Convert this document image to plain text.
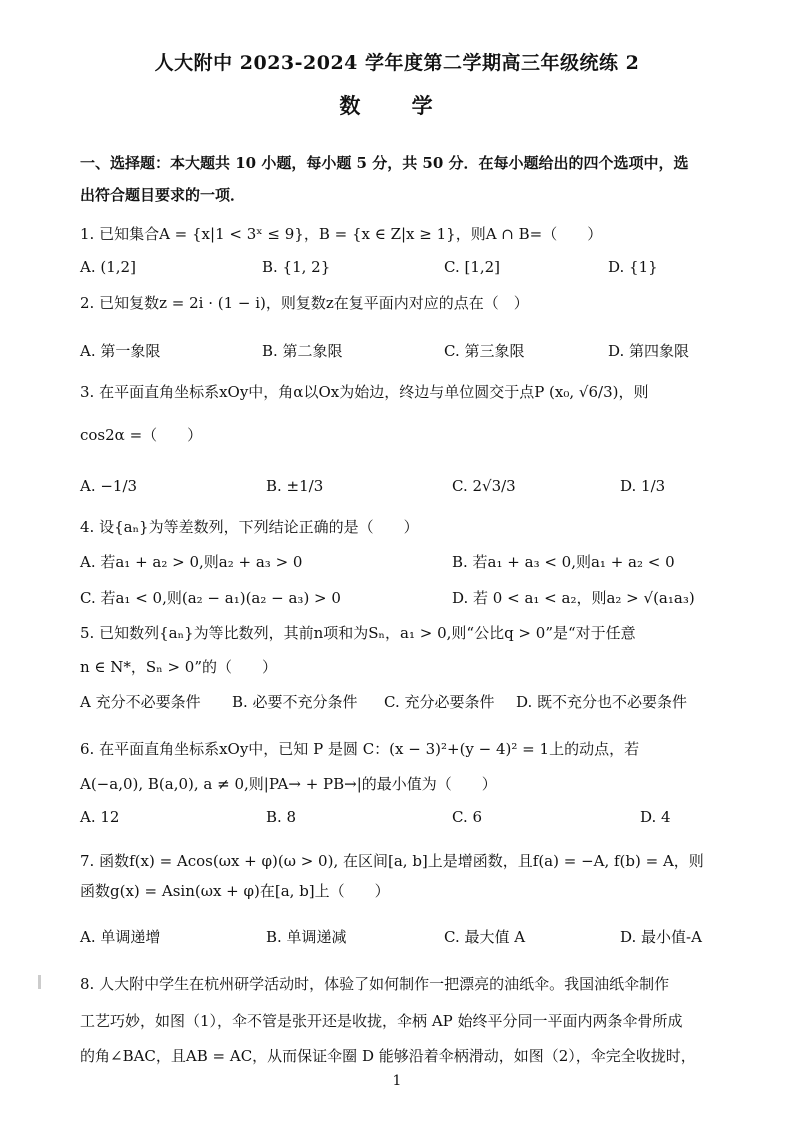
人大附中 2023-2024 学年度第二学期高三年级统练 2
数 学
一、选择题：本大题共 10 小题，每小题 5 分，共 50 分．在每小题给出的四个选项中，选
出符合题目要求的一项．
1. 已知集合A = {x|1 < 3ˣ ≤ 9}，B = {x ∈ Z|x ≥ 1}，则A ∩ B=（　　）
A. (1,2]	B. {1, 2}	C. [1,2]	D. {1}
2. 已知复数z = 2i · (1 − i)，则复数z在复平面内对应的点在（　）
A. 第一象限	B. 第二象限	C. 第三象限	D. 第四象限
3. 在平面直角坐标系xOy中，角α以Ox为始边，终边与单位圆交于点P (x₀, √6/3)，则
cos2α =（　　）
A. −1/3	B. ±1/3	C. 2√3/3	D. 1/3
4. 设{aₙ}为等差数列，下列结论正确的是（　　）
A. 若a₁ + a₂ > 0,则a₂ + a₃ > 0	B. 若a₁ + a₃ < 0,则a₁ + a₂ < 0
C. 若a₁ < 0,则(a₂ − a₁)(a₂ − a₃) > 0	D. 若 0 < a₁ < a₂，则a₂ > √(a₁a₃)
5. 已知数列{aₙ}为等比数列，其前n项和为Sₙ，a₁ > 0,则“公比q > 0”是“对于任意
n ∈ N*，Sₙ > 0”的（　　）
A 充分不必要条件 B. 必要不充分条件 C. 充分必要条件 D. 既不充分也不必要条件
6. 在平面直角坐标系xOy中，已知 P 是圆 C：(x − 3)²+(y − 4)² = 1上的动点，若
A(−a,0), B(a,0), a ≠ 0,则|PA→ + PB→|的最小值为（　　）
A. 12	B. 8	C. 6	D. 4
7. 函数f(x) = Acos(ωx + φ)(ω > 0), 在区间[a, b]上是增函数，且f(a) = −A, f(b) = A，则
函数g(x) = Asin(ωx + φ)在[a, b]上（　　）
A. 单调递增	B. 单调递减	C. 最大值 A	D. 最小值-A
8. 人大附中学生在杭州研学活动时，体验了如何制作一把漂亮的油纸伞。我国油纸伞制作
工艺巧妙，如图（1），伞不管是张开还是收拢，伞柄 AP 始终平分同一平面内两条伞骨所成
的角∠BAC，且AB = AC，从而保证伞圈 D 能够沿着伞柄滑动，如图（2），伞完全收拢时，
1
